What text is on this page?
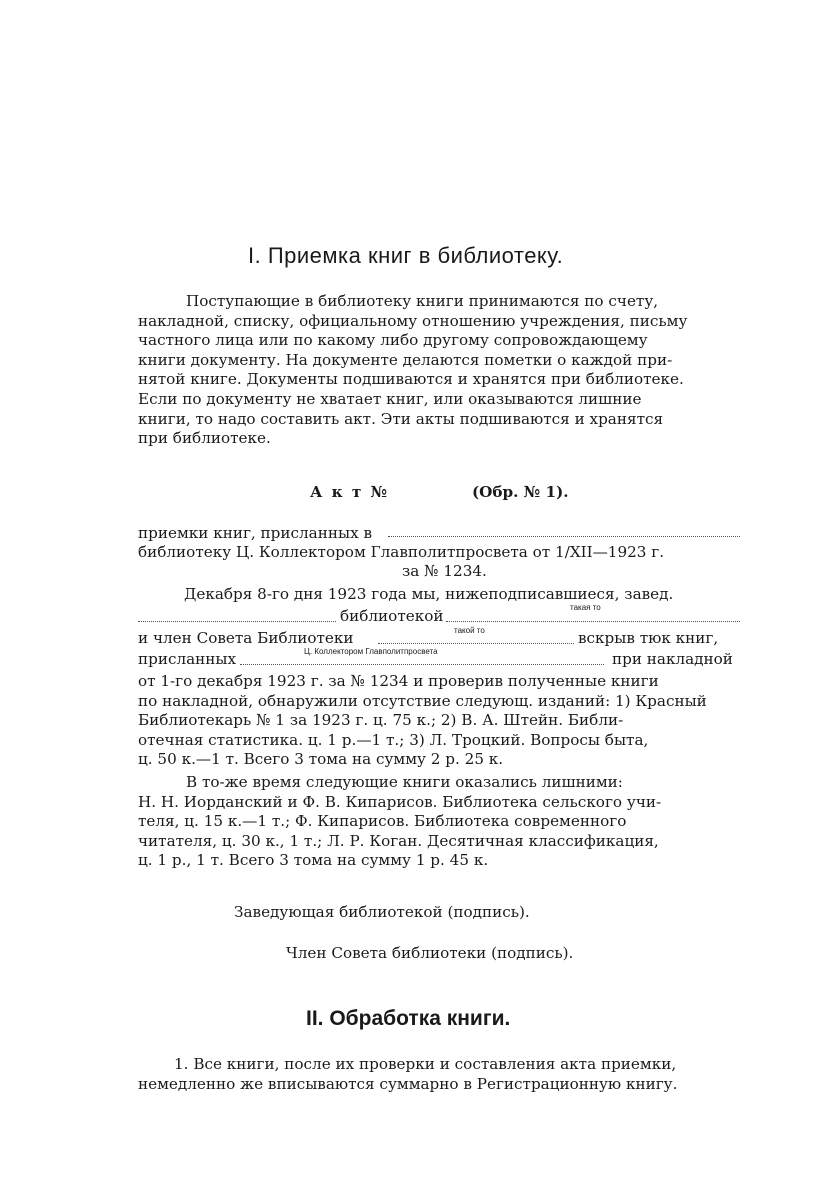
I. Приемка книг в библиотеку.
Поступающие в библиотеку книги принимаются по счету,
накладной, списку, официальному отношению учреждения, письму
частного лица или по какому либо другому сопровождающему
книги документу. На документе делаются пометки о каждой при-
нятой книге. Документы подшиваются и хранятся при библиотеке.
Если по документу не хватает книг, или оказываются лишние
книги, то надо составить акт. Эти акты подшиваются и хранятся
при библиотеке.
А к т №	(Обр. № 1).
приемки книг, присланных в
библиотеку Ц. Коллектором Главполитпросвета от 1/XII—1923 г.
за № 1234.
Декабря 8-го дня 1923 года мы, нижеподписавшиеся, завед.
библиотекой	такая то
и член Совета Библиотеки	такой то	вскрыв тюк книг,
присланных	Ц. Коллектором Главполитпросвета	при накладной
от 1-го декабря 1923 г. за № 1234 и проверив полученные книги
по накладной, обнаружили отсутствие следующ. изданий: 1) Красный
Библиотекарь № 1 за 1923 г. ц. 75 к.; 2) В. А. Штейн. Библи-
отечная статистика. ц. 1 р.—1 т.; 3) Л. Троцкий. Вопросы быта,
ц. 50 к.—1 т. Всего 3 тома на сумму 2 р. 25 к.
В то-же время следующие книги оказались лишними:
Н. Н. Иорданский и Ф. В. Кипарисов. Библиотека сельского учи-
теля, ц. 15 к.—1 т.; Ф. Кипарисов. Библиотека современного
читателя, ц. 30 к., 1 т.; Л. Р. Коган. Десятичная классификация,
ц. 1 р., 1 т. Всего 3 тома на сумму 1 р. 45 к.
Заведующая библиотекой (подпись).
Член Совета библиотеки (подпись).
II. Обработка книги.
1. Все книги, после их проверки и составления акта приемки,
немедленно же вписываются суммарно в Регистрационную книгу.
